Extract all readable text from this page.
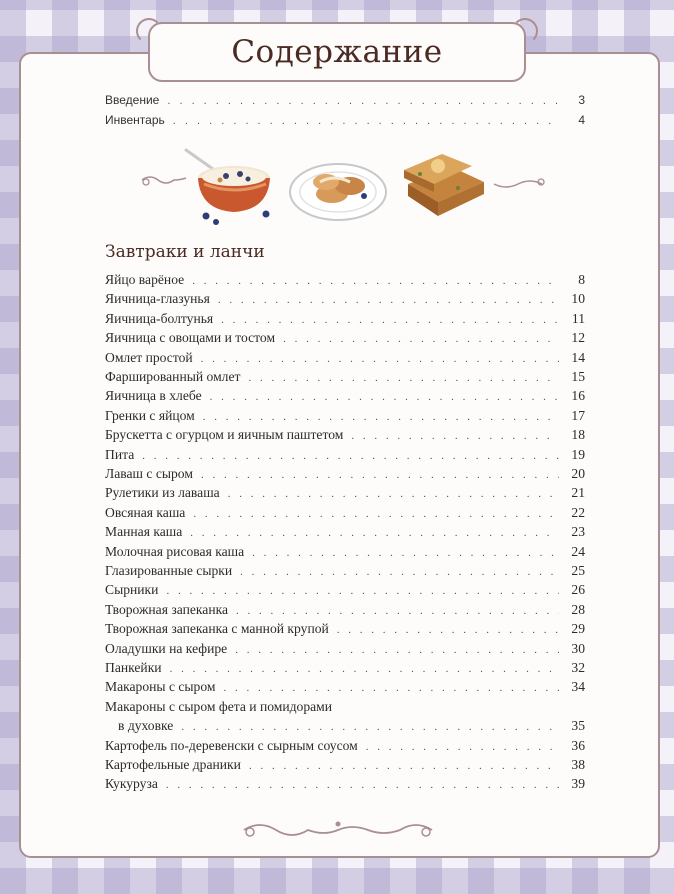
Содержание
Введение . . .	3
Инвентарь . . .	4
Завтраки и ланчи
Яйцо варёное . . .	8
Яичница-глазунья . . .	10
Яичница-болтунья . . .	11
Яичница с овощами и тостом . . .	12
Омлет простой . . .	14
Фаршированный омлет . . .	15
Яичница в хлебе . . .	16
Гренки с яйцом . . .	17
Брускетта с огурцом и яичным паштетом . . .	18
Пита . . .	19
Лаваш с сыром . . .	20
Рулетики из лаваша . . .	21
Овсяная каша . . .	22
Манная каша . . .	23
Молочная рисовая каша . . .	24
Глазированные сырки . . .	25
Сырники . . .	26
Творожная запеканка . . .	28
Творожная запеканка с манной крупой . . .	29
Оладушки на кефире . . .	30
Панкейки . . .	32
Макароны с сыром . . .	34
Макароны с сыром фета и помидорами
в духовке . . .	35
Картофель по-деревенски с сырным соусом . . .	36
Картофельные драники . . .	38
Кукуруза . . .	39
